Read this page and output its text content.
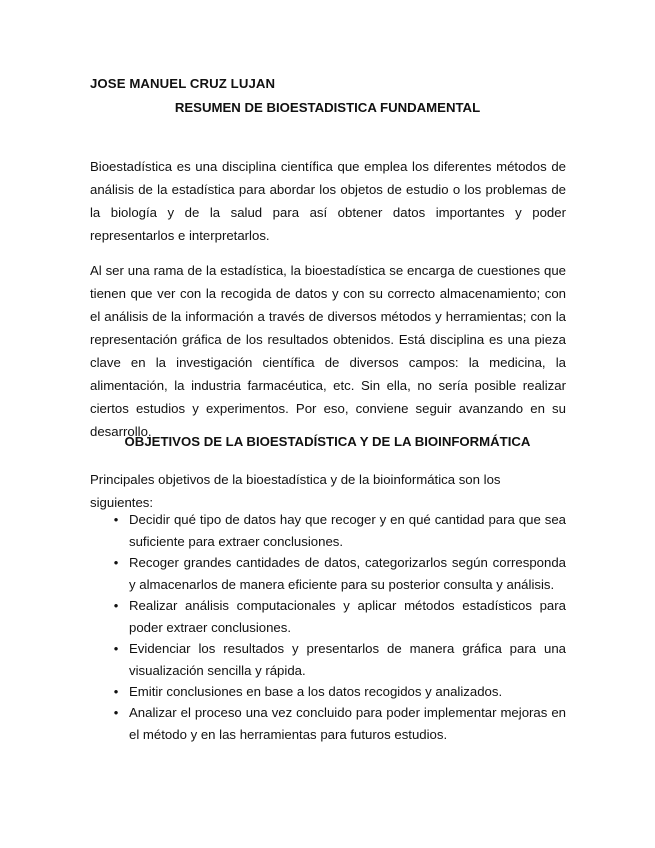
JOSE MANUEL CRUZ LUJAN
RESUMEN DE BIOESTADISTICA FUNDAMENTAL

Bioestadística es una disciplina científica que emplea los diferentes métodos de análisis de la estadística para abordar los objetos de estudio o los problemas de la biología y de la salud para así obtener datos importantes y poder representarlos e interpretarlos.

Al ser una rama de la estadística, la bioestadística se encarga de cuestiones que tienen que ver con la recogida de datos y con su correcto almacenamiento; con el análisis de la información a través de diversos métodos y herramientas; con la representación gráfica de los resultados obtenidos. Está disciplina es una pieza clave en la investigación científica de diversos campos: la medicina, la alimentación, la industria farmacéutica, etc. Sin ella, no sería posible realizar ciertos estudios y experimentos. Por eso, conviene seguir avanzando en su desarrollo.

OBJETIVOS DE LA BIOESTADÍSTICA Y DE LA BIOINFORMÁTICA

Principales objetivos de la bioestadística y de la bioinformática son los siguientes:

• Decidir qué tipo de datos hay que recoger y en qué cantidad para que sea suficiente para extraer conclusiones.
• Recoger grandes cantidades de datos, categorizarlos según corresponda y almacenarlos de manera eficiente para su posterior consulta y análisis.
• Realizar análisis computacionales y aplicar métodos estadísticos para poder extraer conclusiones.
• Evidenciar los resultados y presentarlos de manera gráfica para una visualización sencilla y rápida.
• Emitir conclusiones en base a los datos recogidos y analizados.
• Analizar el proceso una vez concluido para poder implementar mejoras en el método y en las herramientas para futuros estudios.
